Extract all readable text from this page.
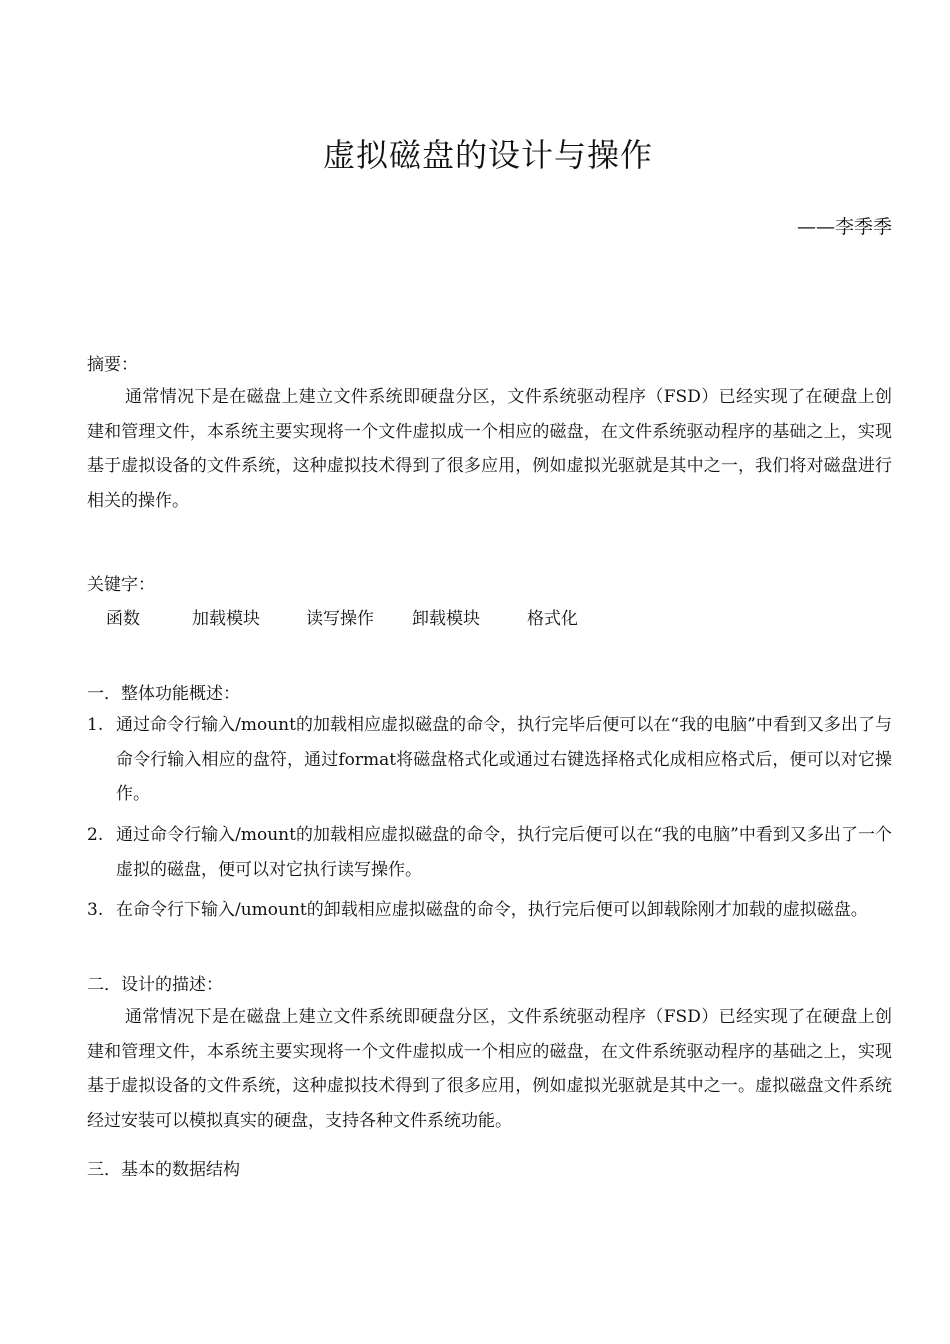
虚拟磁盘的设计与操作
——李季季
摘要：
通常情况下是在磁盘上建立文件系统即硬盘分区，文件系统驱动程序（FSD）已经实现了在硬盘上创建和管理文件，本系统主要实现将一个文件虚拟成一个相应的磁盘，在文件系统驱动程序的基础之上，实现基于虚拟设备的文件系统，这种虚拟技术得到了很多应用，例如虚拟光驱就是其中之一，我们将对磁盘进行相关的操作。
关键字：
函数	加载模块	读写操作 卸载模块	格式化
一．整体功能概述：
1. 通过命令行输入/mount的加载相应虚拟磁盘的命令，执行完毕后便可以在“我的电脑”中看到又多出了与命令行输入相应的盘符，通过format将磁盘格式化或通过右键选择格式化成相应格式后，便可以对它操作。
2. 通过命令行输入/mount的加载相应虚拟磁盘的命令，执行完后便可以在“我的电脑”中看到又多出了一个虚拟的磁盘，便可以对它执行读写操作。
3. 在命令行下输入/umount的卸载相应虚拟磁盘的命令，执行完后便可以卸载除刚才加载的虚拟磁盘。
二．设计的描述：
通常情况下是在磁盘上建立文件系统即硬盘分区，文件系统驱动程序（FSD）已经实现了在硬盘上创建和管理文件，本系统主要实现将一个文件虚拟成一个相应的磁盘，在文件系统驱动程序的基础之上，实现基于虚拟设备的文件系统，这种虚拟技术得到了很多应用，例如虚拟光驱就是其中之一。虚拟磁盘文件系统经过安装可以模拟真实的硬盘，支持各种文件系统功能。
三．基本的数据结构
